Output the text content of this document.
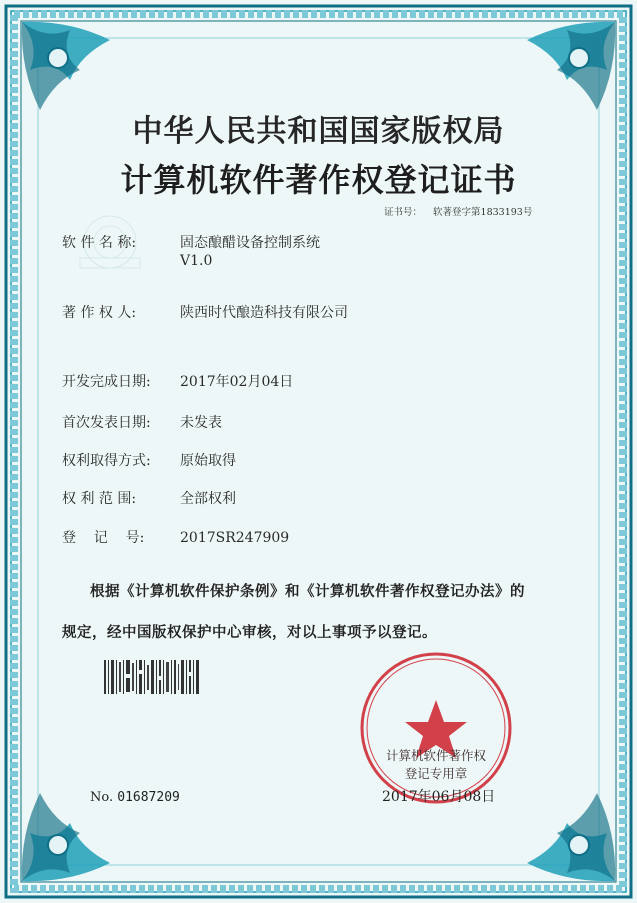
中华人民共和国国家版权局
计算机软件著作权登记证书
证书号： 软著登字第1833193号
软 件 名 称:	固态酿醋设备控制系统
V1.0
著 作 权 人:	陕西时代酿造科技有限公司
开发完成日期: 2017年02月04日
首次发表日期: 未发表
权利取得方式: 原始取得
权 利 范 围:	全部权利
登    记    号:	2017SR247909
根据《计算机软件保护条例》和《计算机软件著作权登记办法》的
规定，经中国版权保护中心审核，对以上事项予以登记。
No. 01687209
计算机软件著作权
登记专用章
2017年06月08日
